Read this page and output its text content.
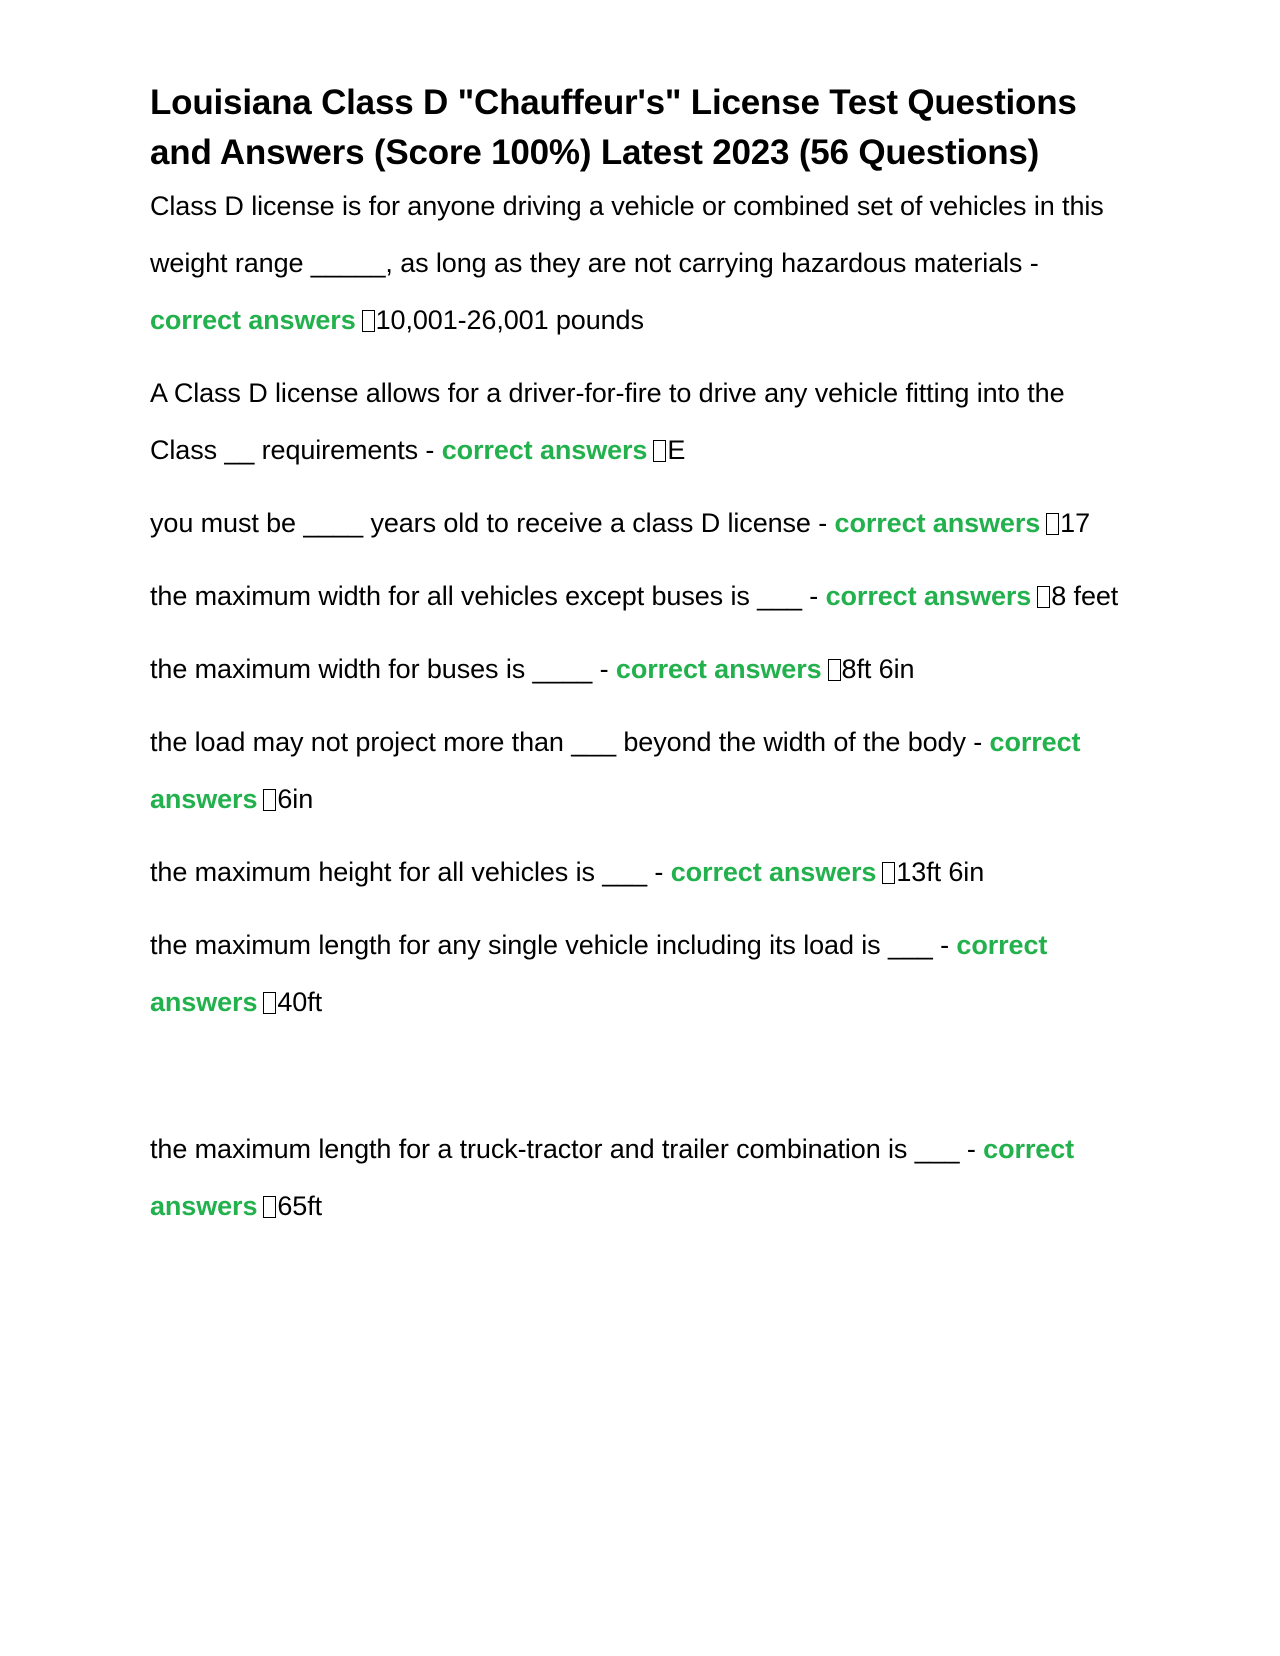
Louisiana Class D "Chauffeur's" License Test Questions and Answers (Score 100%) Latest 2023 (56 Questions)

Class D license is for anyone driving a vehicle or combined set of vehicles in this weight range _____, as long as they are not carrying hazardous materials - correct answers 10,001-26,001 pounds

A Class D license allows for a driver-for-fire to drive any vehicle fitting into the Class __ requirements - correct answers E

you must be ____ years old to receive a class D license - correct answers 17

the maximum width for all vehicles except buses is ___ - correct answers 8 feet

the maximum width for buses is ____ - correct answers 8ft 6in

the load may not project more than ___ beyond the width of the body - correct answers 6in

the maximum height for all vehicles is ___ - correct answers 13ft 6in

the maximum length for any single vehicle including its load is ___ - correct answers 40ft

the maximum length for a truck-tractor and trailer combination is ___ - correct answers 65ft
